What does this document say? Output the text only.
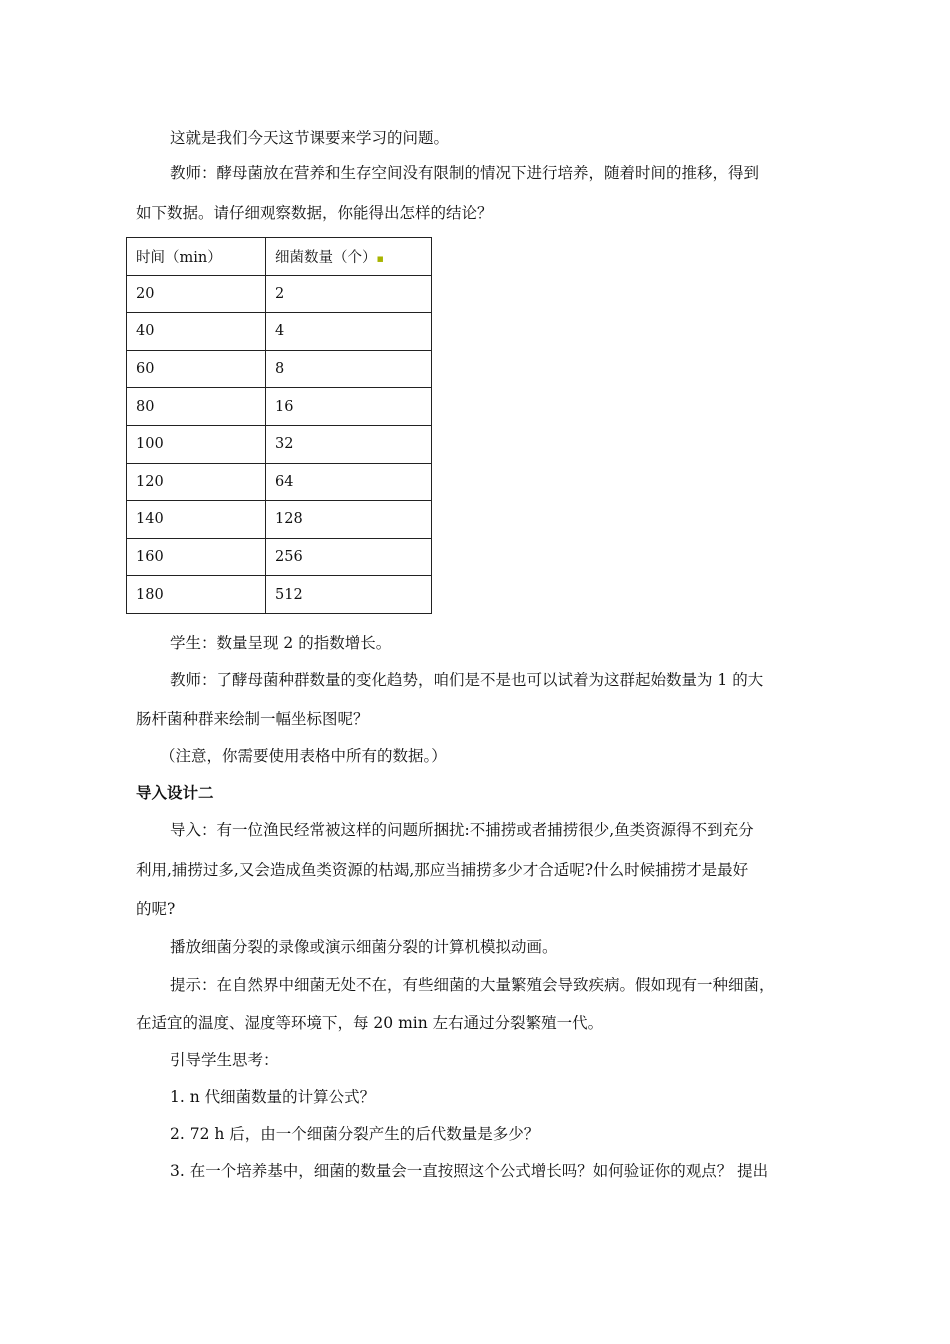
这就是我们今天这节课要来学习的问题。

教师：酵母菌放在营养和生存空间没有限制的情况下进行培养，随着时间的推移，得到

如下数据。请仔细观察数据，你能得出怎样的结论？

时间（min）	细菌数量（个）▪
20	2
40	4
60	8
80	16
100	32
120	64
140	128
160	256
180	512

学生：数量呈现 2 的指数增长。

教师：了酵母菌种群数量的变化趋势，咱们是不是也可以试着为这群起始数量为 1 的大

肠杆菌种群来绘制一幅坐标图呢？

（注意，你需要使用表格中所有的数据。）

导入设计二

导入：有一位渔民经常被这样的问题所捆扰:不捕捞或者捕捞很少,鱼类资源得不到充分

利用,捕捞过多,又会造成鱼类资源的枯竭,那应当捕捞多少才合适呢?什么时候捕捞才是最好

的呢?

播放细菌分裂的录像或演示细菌分裂的计算机模拟动画。

提示：在自然界中细菌无处不在，有些细菌的大量繁殖会导致疾病。假如现有一种细菌，

在适宜的温度、湿度等环境下，每 20 min 左右通过分裂繁殖一代。

引导学生思考：

1. n 代细菌数量的计算公式？

2. 72 h 后，由一个细菌分裂产生的后代数量是多少？

3. 在一个培养基中，细菌的数量会一直按照这个公式增长吗？如何验证你的观点？ 提出
